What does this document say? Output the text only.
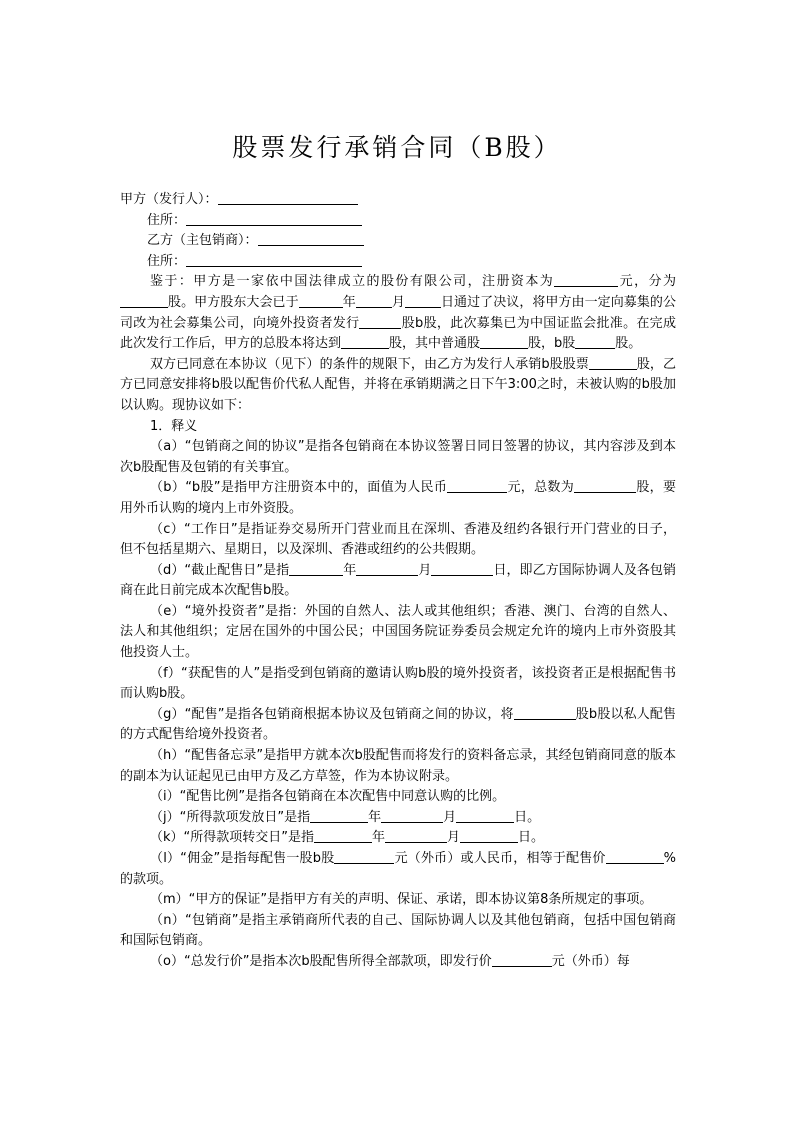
股票发行承销合同（B股）

甲方（发行人）：

住所：

乙方（主包销商）：

住所：

鉴于：甲方是一家依中国法律成立的股份有限公司，注册资本为	元，分为股。甲方股东大会已于	年	月	日通过了决议，将甲方由一定向募集的公司改为社会募集公司，向境外投资者发行	股b股，此次募集已为中国证监会批准。在完成此次发行工作后，甲方的总股本将达到	股，其中普通股	股，b股	股。

双方已同意在本协议（见下）的条件的规限下，由乙方为发行人承销b股股票	股，乙方已同意安排将b股以配售价代私人配售，并将在承销期满之日下午3:00之时，未被认购的b股加以认购。现协议如下：

1．释义

（a）“包销商之间的协议”是指各包销商在本协议签署日同日签署的协议，其内容涉及到本次b股配售及包销的有关事宜。

（b）“b股”是指甲方注册资本中的，面值为人民币	元，总数为	股，要用外币认购的境内上市外资股。

（c）“工作日”是指证券交易所开门营业而且在深圳、香港及纽约各银行开门营业的日子，但不包括星期六、星期日，以及深圳、香港或纽约的公共假期。

（d）“截止配售日”是指	年	月	日，即乙方国际协调人及各包销商在此日前完成本次配售b股。

（e）“境外投资者”是指：外国的自然人、法人或其他组织；香港、澳门、台湾的自然人、法人和其他组织；定居在国外的中国公民；中国国务院证券委员会规定允许的境内上市外资股其他投资人士。

（f）“获配售的人”是指受到包销商的邀请认购b股的境外投资者，该投资者正是根据配售书而认购b股。

（g）“配售”是指各包销商根据本协议及包销商之间的协议，将	股b股以私人配售的方式配售给境外投资者。

（h）“配售备忘录”是指甲方就本次b股配售而将发行的资料备忘录，其经包销商同意的版本的副本为认证起见已由甲方及乙方草签，作为本协议附录。

（i）“配售比例”是指各包销商在本次配售中同意认购的比例。

（j）“所得款项发放日”是指	年	月	日。

（k）“所得款项转交日”是指	年	月	日。

（l）“佣金”是指每配售一股b股	元（外币）或人民币，相等于配售价	%的款项。

（m）“甲方的保证”是指甲方有关的声明、保证、承诺，即本协议第8条所规定的事项。

（n）“包销商”是指主承销商所代表的自己、国际协调人以及其他包销商，包括中国包销商和国际包销商。

（o）“总发行价”是指本次b股配售所得全部款项，即发行价	元（外币）每
